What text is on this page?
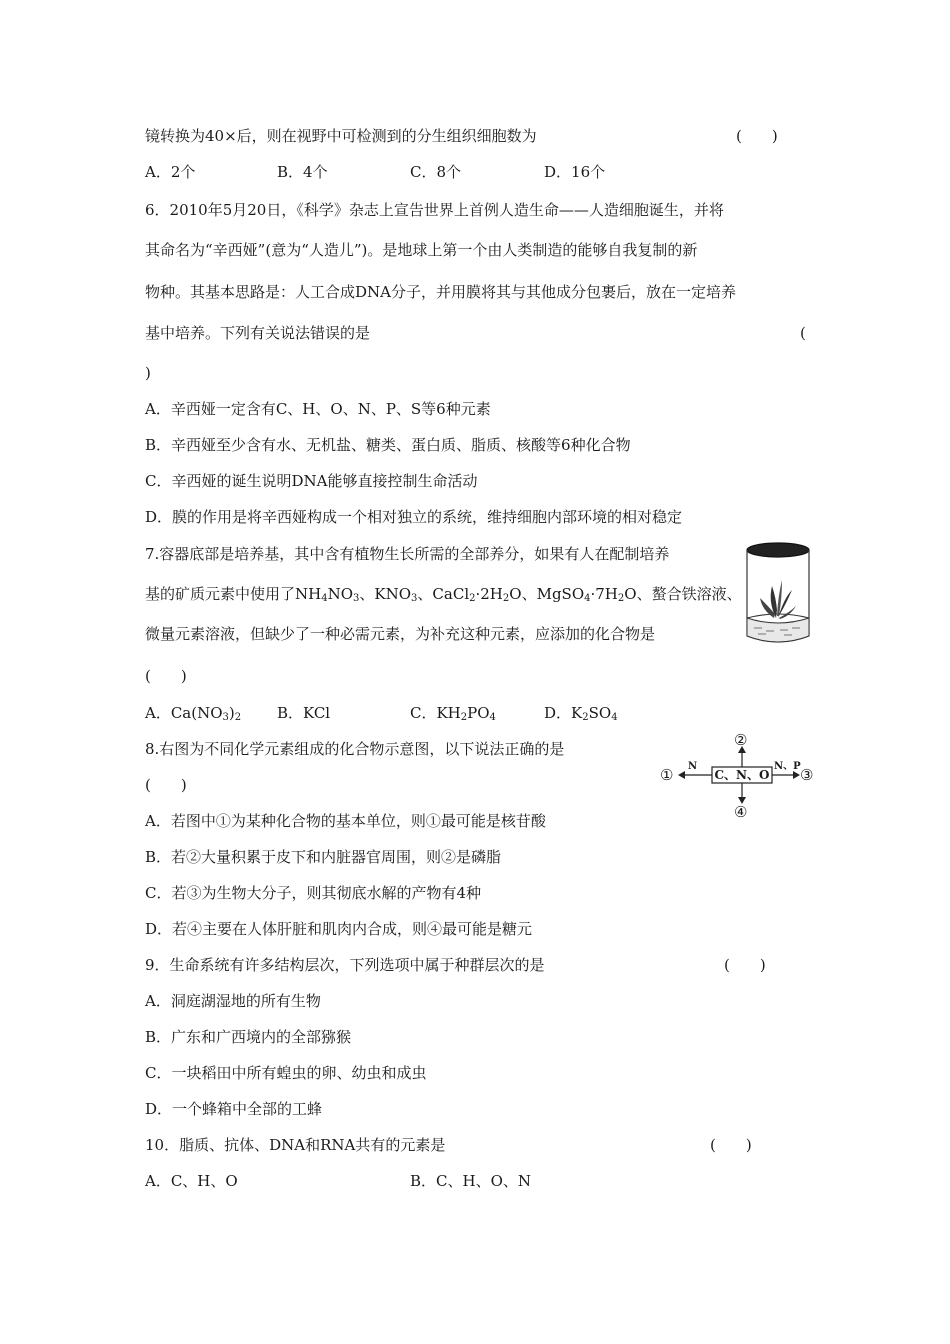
镜转换为40×后，则在视野中可检测到的分生组织细胞数为	(　　)
A．2个	B．4个	C．8个	D．16个
6．2010年5月20日，《科学》杂志上宣告世界上首例人造生命——人造细胞诞生，并将
其命名为“辛西娅”(意为“人造儿”)。是地球上第一个由人类制造的能够自我复制的新
物种。其基本思路是：人工合成DNA分子，并用膜将其与其他成分包裹后，放在一定培养
基中培养。下列有关说法错误的是	(
)
A．辛西娅一定含有C、H、O、N、P、S等6种元素
B．辛西娅至少含有水、无机盐、糖类、蛋白质、脂质、核酸等6种化合物
C．辛西娅的诞生说明DNA能够直接控制生命活动
D．膜的作用是将辛西娅构成一个相对独立的系统，维持细胞内部环境的相对稳定
7.容器底部是培养基，其中含有植物生长所需的全部养分，如果有人在配制培养
基的矿质元素中使用了$NH_4NO_3$、$KNO_3$、$CaCl_2\cdot 2H_2O$、$MgSO_4\cdot 7H_2O$、螯合铁溶液、
微量元素溶液，但缺少了一种必需元素，为补充这种元素，应添加的化合物是
(　　)
A．$Ca(NO_3)_2$ B．KCl	C．$KH_2PO_4$	D．$K_2SO_4$
8.右图为不同化学元素组成的化合物示意图，以下说法正确的是
(　　)
A．若图中①为某种化合物的基本单位，则①最可能是核苷酸
B．若②大量积累于皮下和内脏器官周围，则②是磷脂
C．若③为生物大分子，则其彻底水解的产物有4种
D．若④主要在人体肝脏和肌肉内合成，则④最可能是糖元
C、N、O
②
④
①	③
N	N、P
9．生命系统有许多结构层次，下列选项中属于种群层次的是	(　　)
A．洞庭湖湿地的所有生物
B．广东和广西境内的全部猕猴
C．一块稻田中所有蝗虫的卵、幼虫和成虫
D．一个蜂箱中全部的工蜂
10．脂质、抗体、DNA和RNA共有的元素是	(　　)
A．C、H、O	B．C、H、O、N
